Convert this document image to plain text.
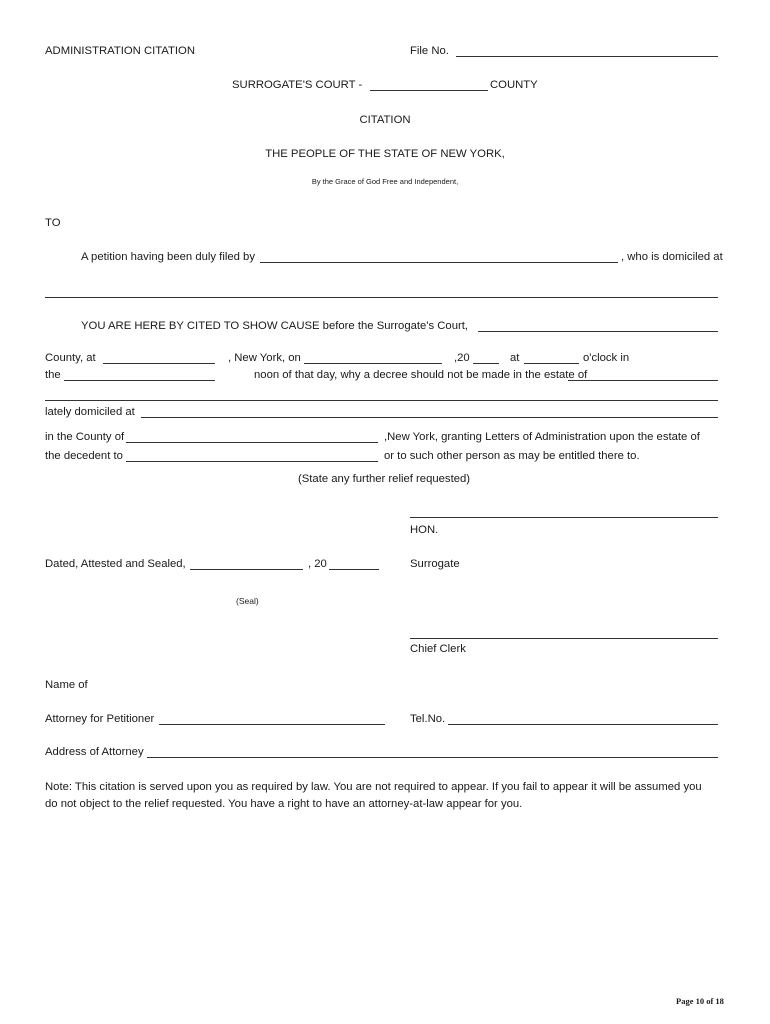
ADMINISTRATION CITATION	File No.
SURROGATE'S COURT -	COUNTY
CITATION
THE PEOPLE OF THE STATE OF NEW YORK,
By the Grace of God Free and Independent,
TO
A petition having been duly filed by	, who is domiciled at
YOU ARE HERE BY CITED TO SHOW CAUSE before the Surrogate's Court,
County, at	, New York, on	,20	at	o'clock in
the	noon of that day, why a decree should not be made in the estate of
lately domiciled at
in the County of	,New York, granting Letters of Administration upon the estate of
the decedent to	or to such other person as may be entitled there to.
(State any further relief requested)
HON.
Dated, Attested and Sealed,	, 20	Surrogate
(Seal)
Chief Clerk
Name of
Attorney for Petitioner	Tel.No.
Address of Attorney
Note: This citation is served upon you as required by law. You are not required to appear. If you fail to appear it will be assumed you
do not object to the relief requested. You have a right to have an attorney-at-law appear for you.
Page 10 of 18
